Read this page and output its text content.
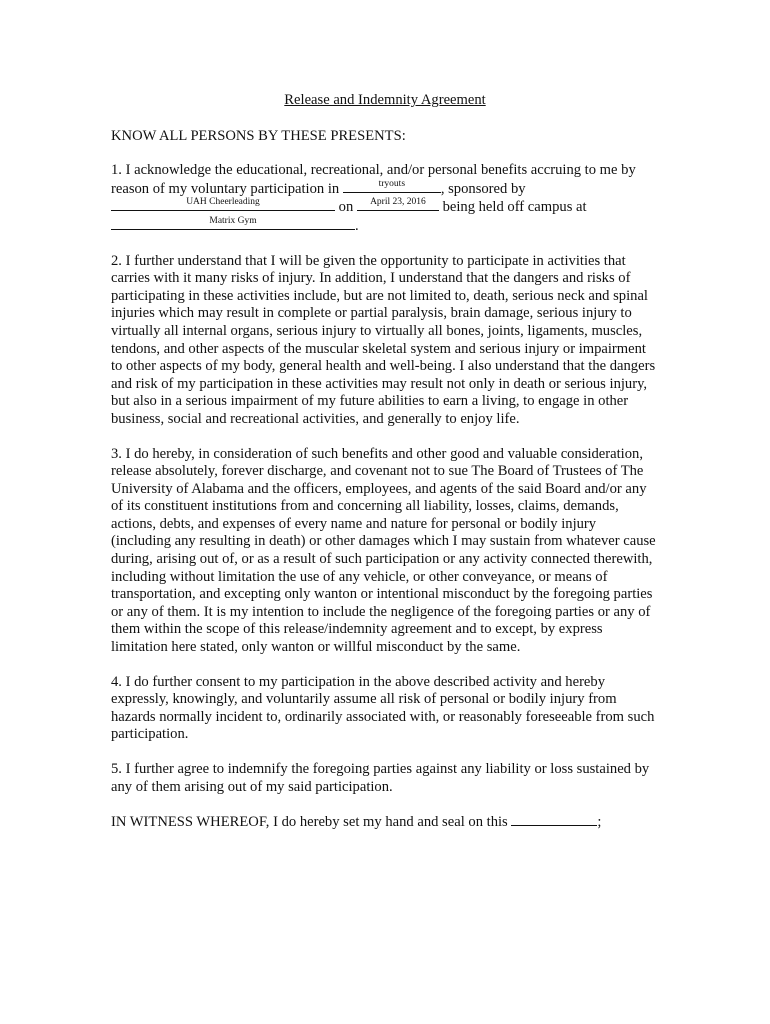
Release and Indemnity Agreement

KNOW ALL PERSONS BY THESE PRESENTS:

1. I acknowledge the educational, recreational, and/or personal benefits accruing to me by reason of my voluntary participation in	tryouts	, sponsored by
UAH Cheerleading	on	April 23, 2016	being held off campus at
Matrix Gym	.

2. I further understand that I will be given the opportunity to participate in activities that carries with it many risks of injury. In addition, I understand that the dangers and risks of participating in these activities include, but are not limited to, death, serious neck and spinal injuries which may result in complete or partial paralysis, brain damage, serious injury to virtually all internal organs, serious injury to virtually all bones, joints, ligaments, muscles, tendons, and other aspects of the muscular skeletal system and serious injury or impairment to other aspects of my body, general health and well-being. I also understand that the dangers and risk of my participation in these activities may result not only in death or serious injury, but also in a serious impairment of my future abilities to earn a living, to engage in other business, social and recreational activities, and generally to enjoy life.

3. I do hereby, in consideration of such benefits and other good and valuable consideration, release absolutely, forever discharge, and covenant not to sue The Board of Trustees of The University of Alabama and the officers, employees, and agents of the said Board and/or any of its constituent institutions from and concerning all liability, losses, claims, demands, actions, debts, and expenses of every name and nature for personal or bodily injury (including any resulting in death) or other damages which I may sustain from whatever cause during, arising out of, or as a result of such participation or any activity connected therewith, including without limitation the use of any vehicle, or other conveyance, or means of transportation, and excepting only wanton or intentional misconduct by the foregoing parties or any of them. It is my intention to include the negligence of the foregoing parties or any of them within the scope of this release/indemnity agreement and to except, by express limitation here stated, only wanton or willful misconduct by the same.

4. I do further consent to my participation in the above described activity and hereby expressly, knowingly, and voluntarily assume all risk of personal or bodily injury from hazards normally incident to, ordinarily associated with, or reasonably foreseeable from such participation.

5. I further agree to indemnify the foregoing parties against any liability or loss sustained by any of them arising out of my said participation.

IN WITNESS WHEREOF, I do hereby set my hand and seal on this	;
